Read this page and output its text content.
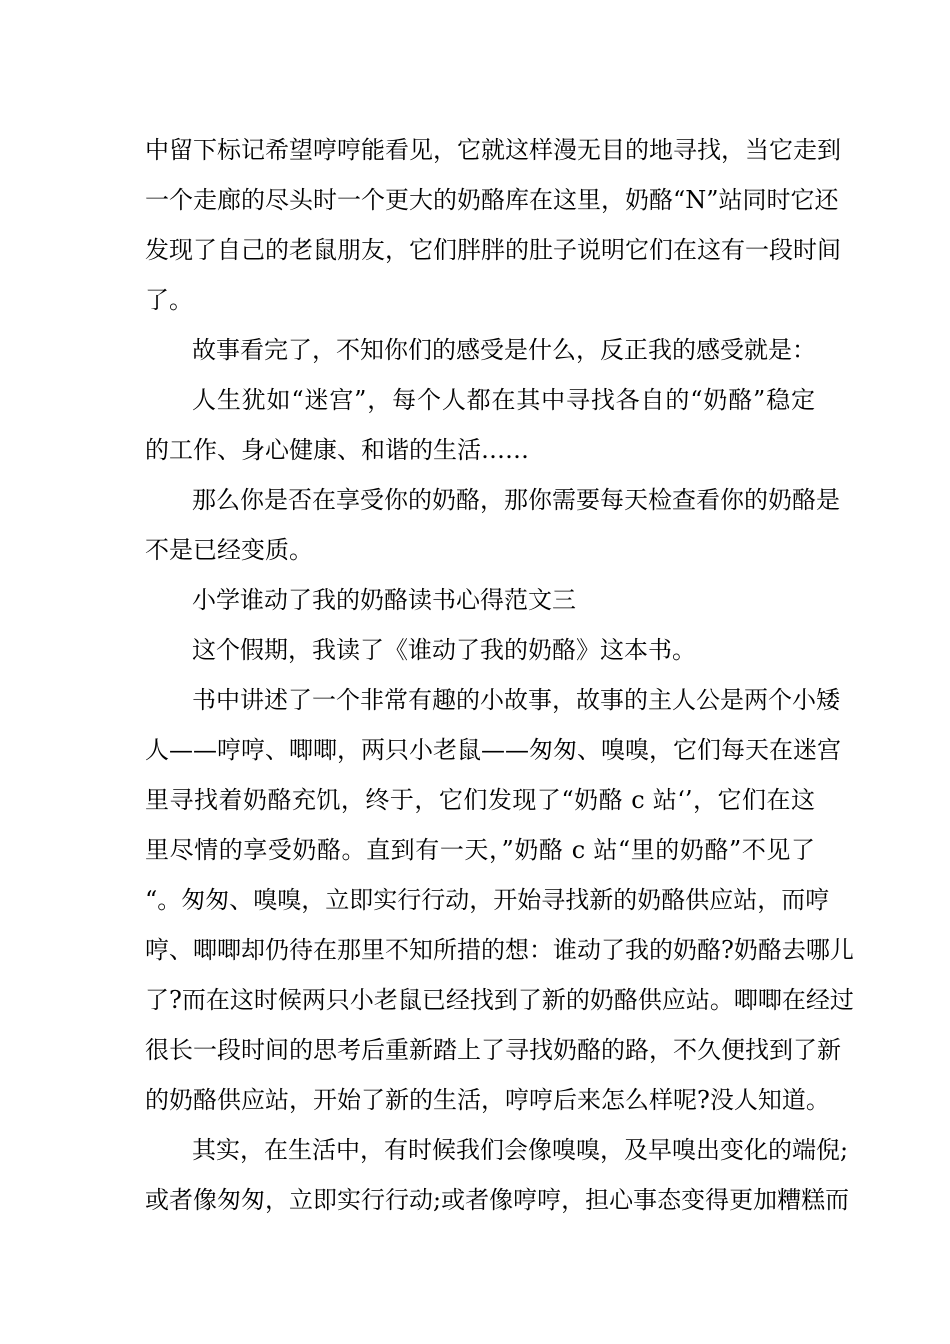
中留下标记希望哼哼能看见，它就这样漫无目的地寻找，当它走到
一个走廊的尽头时一个更大的奶酪库在这里，奶酪“N”站同时它还
发现了自己的老鼠朋友，它们胖胖的肚子说明它们在这有一段时间
了。
故事看完了，不知你们的感受是什么，反正我的感受就是：
人生犹如“迷宫”，每个人都在其中寻找各自的“奶酪”稳定
的工作、身心健康、和谐的生活……
那么你是否在享受你的奶酪，那你需要每天检查看你的奶酪是
不是已经变质。
小学谁动了我的奶酪读书心得范文三
这个假期，我读了《谁动了我的奶酪》这本书。
书中讲述了一个非常有趣的小故事，故事的主人公是两个小矮
人——哼哼、唧唧，两只小老鼠——匆匆、嗅嗅，它们每天在迷宫
里寻找着奶酪充饥，终于，它们发现了“奶酪 c 站‘’，它们在这
里尽情的享受奶酪。直到有一天，”奶酪 c 站“里的奶酪”不见了
“。匆匆、嗅嗅，立即实行行动，开始寻找新的奶酪供应站，而哼
哼、唧唧却仍待在那里不知所措的想：谁动了我的奶酪?奶酪去哪儿
了?而在这时候两只小老鼠已经找到了新的奶酪供应站。唧唧在经过
很长一段时间的思考后重新踏上了寻找奶酪的路，不久便找到了新
的奶酪供应站，开始了新的生活，哼哼后来怎么样呢?没人知道。
其实，在生活中，有时候我们会像嗅嗅，及早嗅出变化的端倪;
或者像匆匆，立即实行行动;或者像哼哼，担心事态变得更加糟糕而
